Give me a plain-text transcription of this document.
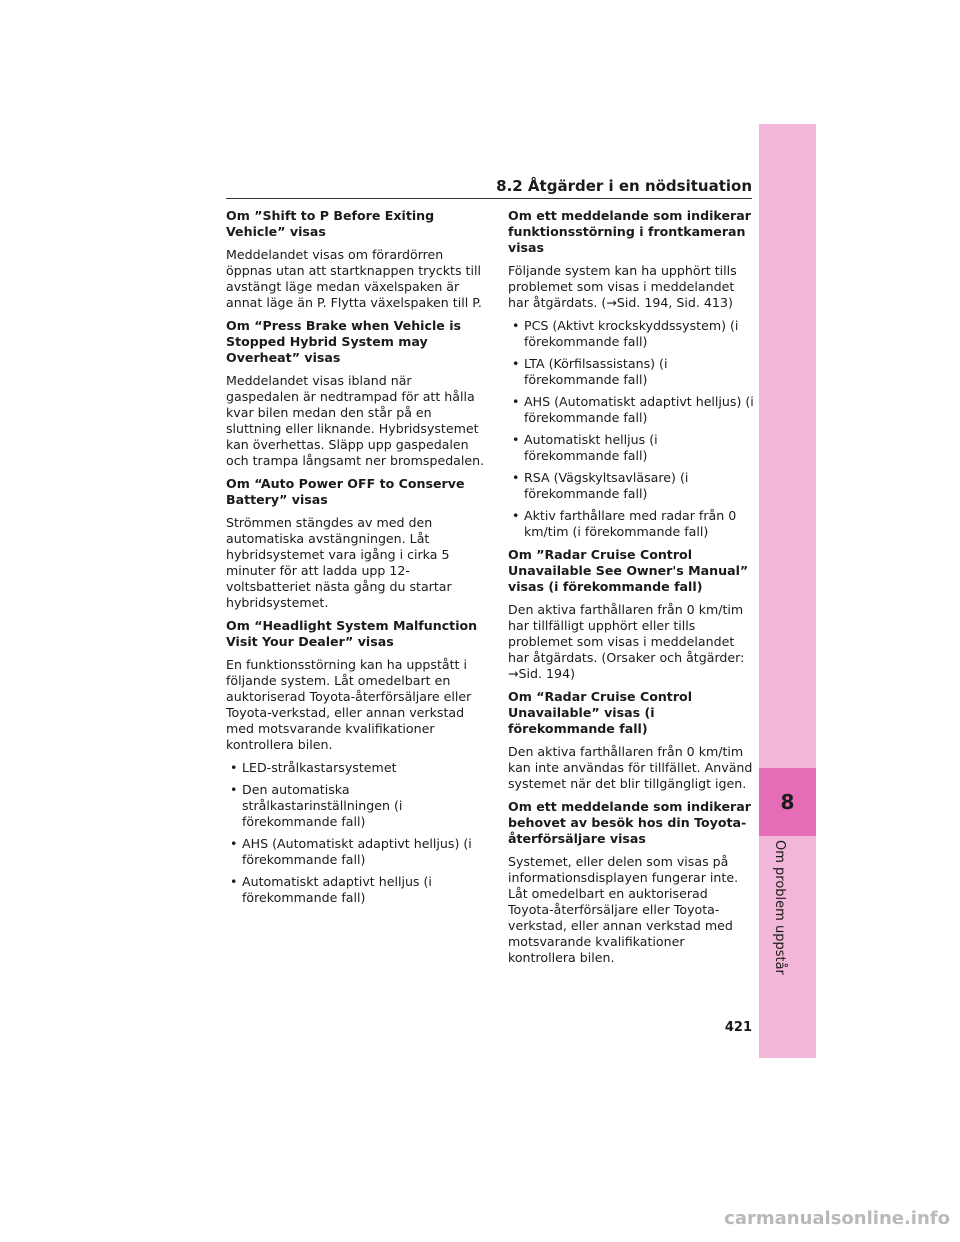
8.2 Åtgärder i en nödsituation
Om ”Shift to P Before Exiting Vehicle” visas
Meddelandet visas om förardörren öppnas utan att startknappen tryckts till avstängt läge medan växelspaken är annat läge än P. Flytta växelspaken till P.
Om “Press Brake when Vehicle is Stopped Hybrid System may Overheat” visas
Meddelandet visas ibland när gaspedalen är nedtrampad för att hålla kvar bilen medan den står på en sluttning eller liknande. Hybridsystemet kan överhettas. Släpp upp gaspedalen och trampa långsamt ner bromspedalen.
Om “Auto Power OFF to Conserve Battery” visas
Strömmen stängdes av med den automatiska avstängningen. Låt hybridsystemet vara igång i cirka 5 minuter för att ladda upp 12-voltsbatteriet nästa gång du startar hybridsystemet.
Om “Headlight System Malfunction Visit Your Dealer” visas
En funktionsstörning kan ha uppstått i följande system. Låt omedelbart en auktoriserad Toyota-återförsäljare eller Toyota-verkstad, eller annan verkstad med motsvarande kvalifikationer kontrollera bilen.
• LED-strålkastarsystemet
• Den automatiska strålkastarinställningen (i förekommande fall)
• AHS (Automatiskt adaptivt helljus) (i förekommande fall)
• Automatiskt adaptivt helljus (i förekommande fall)
Om ett meddelande som indikerar funktionsstörning i frontkameran visas
Följande system kan ha upphört tills problemet som visas i meddelandet har åtgärdats. (→Sid. 194, Sid. 413)
• PCS (Aktivt krockskyddssystem) (i förekommande fall)
• LTA (Körfilsassistans) (i förekommande fall)
• AHS (Automatiskt adaptivt helljus) (i förekommande fall)
• Automatiskt helljus (i förekommande fall)
• RSA (Vägskyltsavläsare) (i förekommande fall)
• Aktiv farthållare med radar från 0 km/tim (i förekommande fall)
Om ”Radar Cruise Control Unavailable See Owner's Manual” visas (i förekommande fall)
Den aktiva farthållaren från 0 km/tim har tillfälligt upphört eller tills problemet som visas i meddelandet har åtgärdats. (Orsaker och åtgärder: →Sid. 194)
Om “Radar Cruise Control Unavailable” visas (i förekommande fall)
Den aktiva farthållaren från 0 km/tim kan inte användas för tillfället. Använd systemet när det blir tillgängligt igen.
Om ett meddelande som indikerar behovet av besök hos din Toyota-återförsäljare visas
Systemet, eller delen som visas på informationsdisplayen fungerar inte. Låt omedelbart en auktoriserad Toyota-återförsäljare eller Toyota-verkstad, eller annan verkstad med motsvarande kvalifikationer kontrollera bilen.
8
Om problem uppstår
421
carmanualsonline.info
